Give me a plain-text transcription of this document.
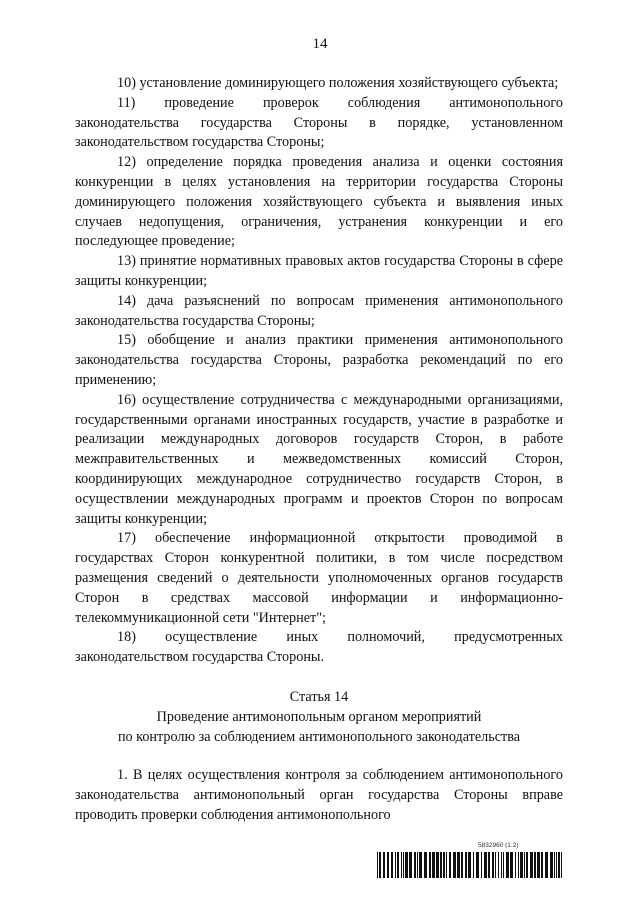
14

10) установление доминирующего положения хозяйствующего субъекта;

11) проведение проверок соблюдения антимонопольного законодательства государства Стороны в порядке, установленном законодательством государства Стороны;

12) определение порядка проведения анализа и оценки состояния конкуренции в целях установления на территории государства Стороны доминирующего положения хозяйствующего субъекта и выявления иных случаев недопущения, ограничения, устранения конкуренции и его последующее проведение;

13) принятие нормативных правовых актов государства Стороны в сфере защиты конкуренции;

14) дача разъяснений по вопросам применения антимонопольного законодательства государства Стороны;

15) обобщение и анализ практики применения антимонопольного законодательства государства Стороны, разработка рекомендаций по его применению;

16) осуществление сотрудничества с международными организациями, государственными органами иностранных государств, участие в разработке и реализации международных договоров государств Сторон, в работе межправительственных и межведомственных комиссий Сторон, координирующих международное сотрудничество государств Сторон, в осуществлении международных программ и проектов Сторон по вопросам защиты конкуренции;

17) обеспечение информационной открытости проводимой в государствах Сторон конкурентной политики, в том числе посредством размещения сведений о деятельности уполномоченных органов государств Сторон в средствах массовой информации и информационно-телекоммуникационной сети "Интернет";

18) осуществление иных полномочий, предусмотренных законодательством государства Стороны.

Статья 14
Проведение антимонопольным органом мероприятий
по контролю за соблюдением антимонопольного законодательства

1. В целях осуществления контроля за соблюдением антимонопольного законодательства антимонопольный орган государства Стороны вправе проводить проверки соблюдения антимонопольного

5832960 (1.2)
